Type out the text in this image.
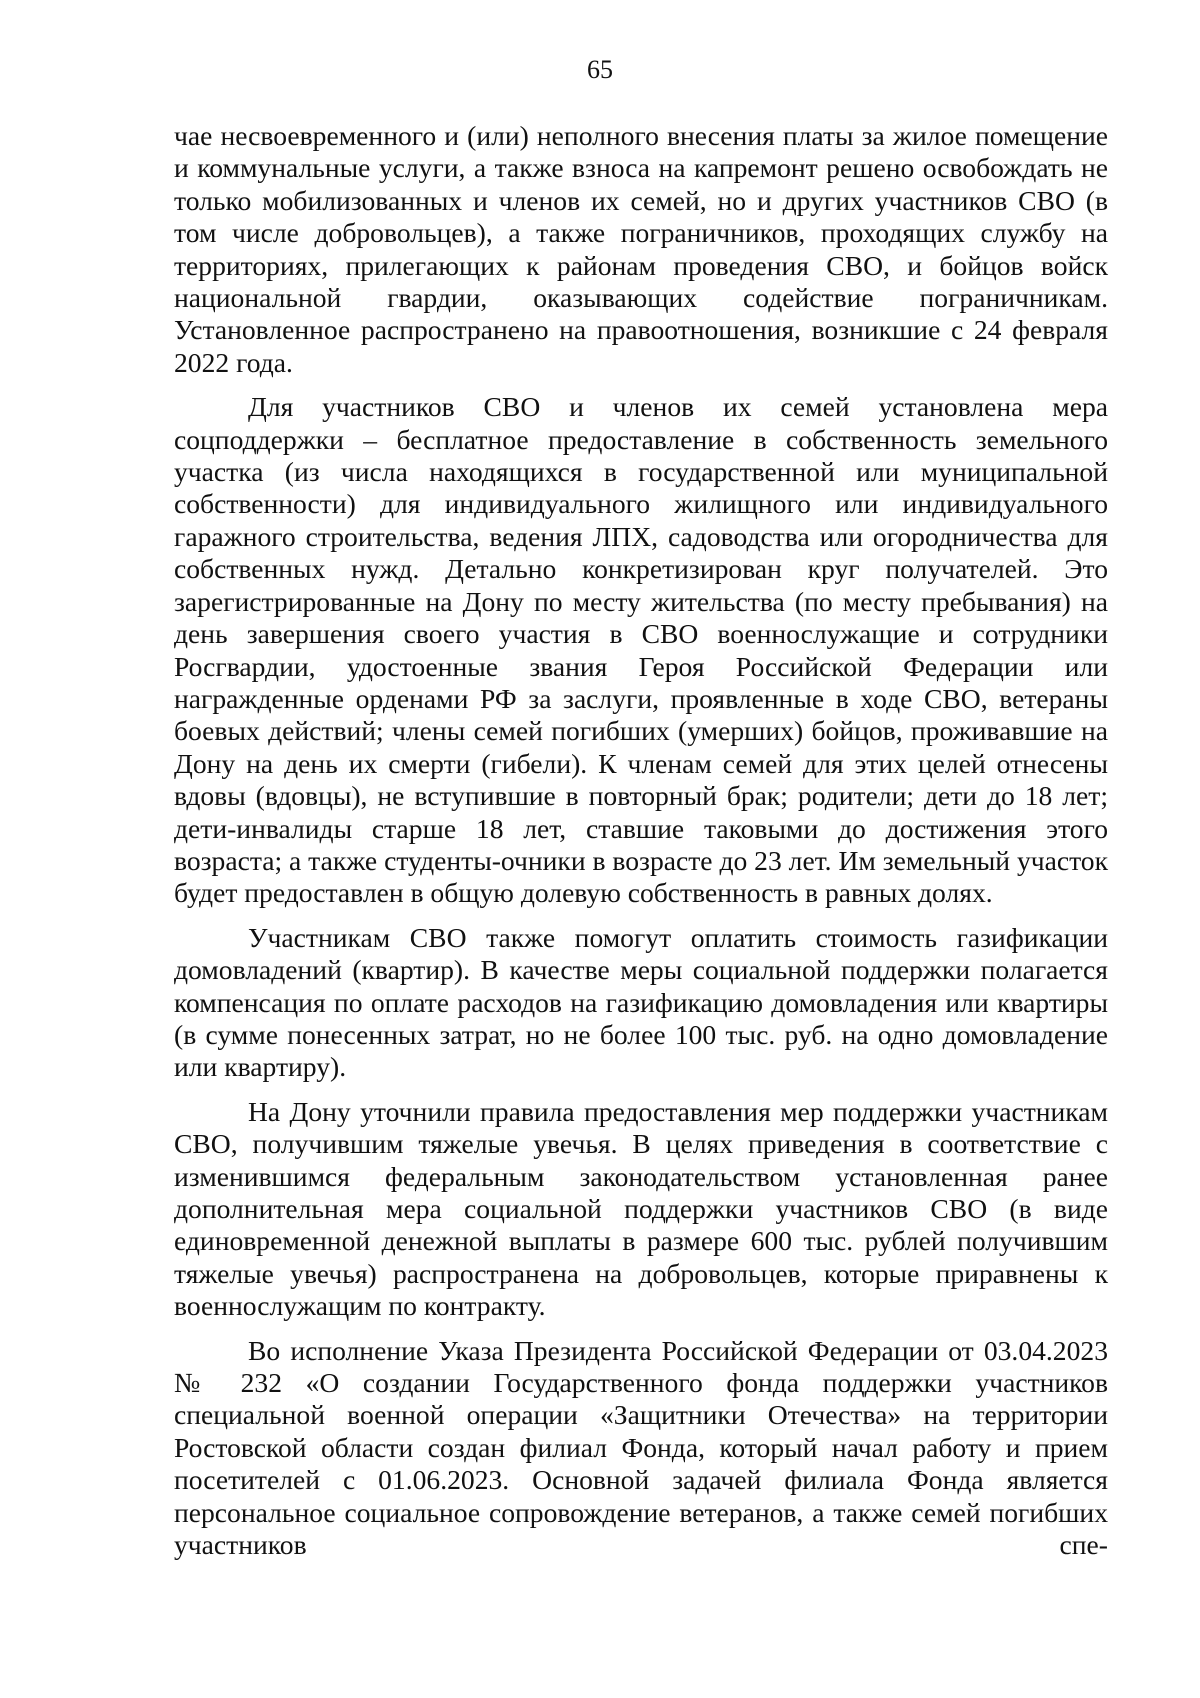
65

чае несвоевременного и (или) неполного внесения платы за жилое помещение и коммунальные услуги, а также взноса на капремонт решено освобождать не только мобилизованных и членов их семей, но и других участников СВО (в том числе добровольцев), а также пограничников, проходящих службу на территориях, прилегающих к районам проведения СВО, и бойцов войск национальной гвардии, оказывающих содействие пограничникам. Установленное распространено на правоотношения, возникшие с 24 февраля 2022 года.

Для участников СВО и членов их семей установлена мера соцподдержки – бесплатное предоставление в собственность земельного участка (из числа находящихся в государственной или муниципальной собственности) для индивидуального жилищного или индивидуального гаражного строительства, ведения ЛПХ, садоводства или огородничества для собственных нужд. Детально конкретизирован круг получателей. Это зарегистрированные на Дону по месту жительства (по месту пребывания) на день завершения своего участия в СВО военнослужащие и сотрудники Росгвардии, удостоенные звания Героя Российской Федерации или награжденные орденами РФ за заслуги, проявленные в ходе СВО, ветераны боевых действий; члены семей погибших (умерших) бойцов, проживавшие на Дону на день их смерти (гибели). К членам семей для этих целей отнесены вдовы (вдовцы), не вступившие в повторный брак; родители; дети до 18 лет; дети-инвалиды старше 18 лет, ставшие таковыми до достижения этого возраста; а также студенты-очники в возрасте до 23 лет. Им земельный участок будет предоставлен в общую долевую собственность в равных долях.

Участникам СВО также помогут оплатить стоимость газификации домовладений (квартир). В качестве меры социальной поддержки полагается компенсация по оплате расходов на газификацию домовладения или квартиры (в сумме понесенных затрат, но не более 100 тыс. руб. на одно домовладение или квартиру).

На Дону уточнили правила предоставления мер поддержки участникам СВО, получившим тяжелые увечья. В целях приведения в соответствие с изменившимся федеральным законодательством установленная ранее дополнительная мера социальной поддержки участников СВО (в виде единовременной денежной выплаты в размере 600 тыс. рублей получившим тяжелые увечья) распространена на добровольцев, которые приравнены к военнослужащим по контракту.

Во исполнение Указа Президента Российской Федерации от 03.04.2023 № 232 «О создании Государственного фонда поддержки участников специальной военной операции «Защитники Отечества» на территории Ростовской области создан филиал Фонда, который начал работу и прием посетителей с 01.06.2023. Основной задачей филиала Фонда является персональное социальное сопровождение ветеранов, а также семей погибших участников спе-
